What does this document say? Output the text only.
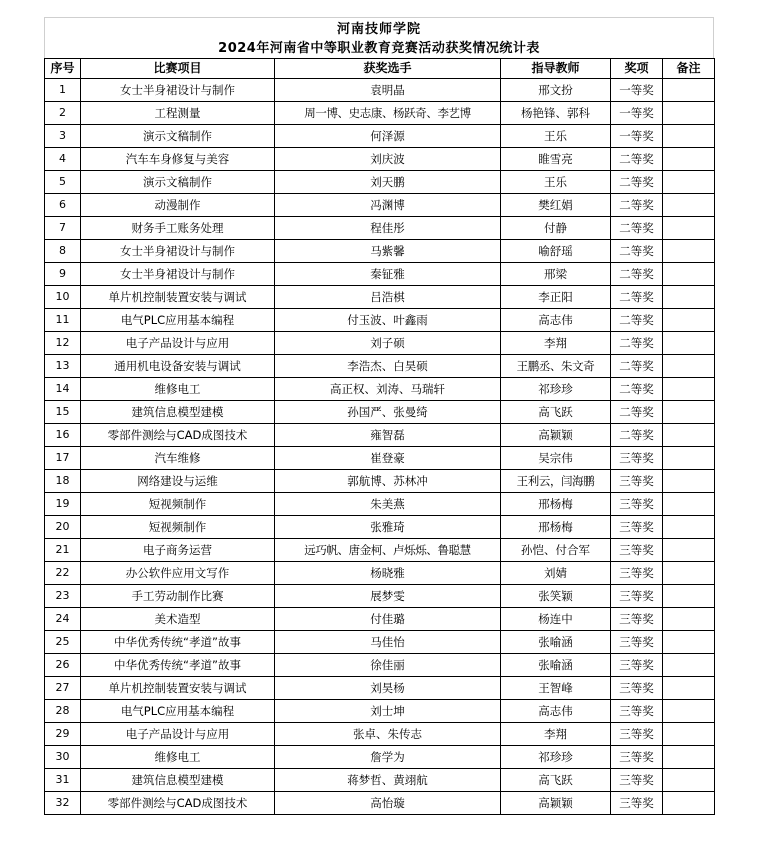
河南技师学院
2024年河南省中等职业教育竞赛活动获奖情况统计表
序号	比赛项目	获奖选手	指导教师	奖项	备注
1	女士半身裙设计与制作	袁明晶	邢文扮	一等奖	
2	工程测量	周一博、史志康、杨跃奇、李艺博	杨艳锋、郭科	一等奖	
3	演示文稿制作	何泽源	王乐	一等奖	
4	汽车车身修复与美容	刘庆波	睢雪亮	二等奖	
5	演示文稿制作	刘天鹏	王乐	二等奖	
6	动漫制作	冯渊博	樊红娟	二等奖	
7	财务手工账务处理	程佳彤	付静	二等奖	
8	女士半身裙设计与制作	马紫馨	喻舒瑶	二等奖	
9	女士半身裙设计与制作	秦钲雅	邢梁	二等奖	
10	单片机控制装置安装与调试	吕浩棋	李正阳	二等奖	
11	电气PLC应用基本编程	付玉波、叶鑫雨	高志伟	二等奖	
12	电子产品设计与应用	刘子硕	李翔	二等奖	
13	通用机电设备安装与调试	李浩杰、白昊硕	王鹏丞、朱文奇	二等奖	
14	维修电工	高正权、刘涛、马瑞轩	祁珍珍	二等奖	
15	建筑信息模型建模	孙国严、张曼绮	高飞跃	二等奖	
16	零部件测绘与CAD成图技术	雍智磊	高颖颖	二等奖	
17	汽车维修	崔登豪	吴宗伟	三等奖	
18	网络建设与运维	郭航博、苏林冲	王利云，闫海鹏	三等奖	
19	短视频制作	朱美燕	邢杨梅	三等奖	
20	短视频制作	张雅琦	邢杨梅	三等奖	
21	电子商务运营	远巧帆、唐金柯、卢烁烁、鲁聪慧	孙恺、付合军	三等奖	
22	办公软件应用文写作	杨晓雅	刘婧	三等奖	
23	手工劳动制作比赛	展梦雯	张笑颖	三等奖	
24	美术造型	付佳璐	杨连中	三等奖	
25	中华优秀传统“孝道”故事	马佳怡	张喻涵	三等奖	
26	中华优秀传统“孝道”故事	徐佳丽	张喻涵	三等奖	
27	单片机控制装置安装与调试	刘昊杨	王智峰	三等奖	
28	电气PLC应用基本编程	刘士坤	高志伟	三等奖	
29	电子产品设计与应用	张卓、朱传志	李翔	三等奖	
30	维修电工	詹学为	祁珍珍	三等奖	
31	建筑信息模型建模	蒋梦哲、黄翊航	高飞跃	三等奖	
32	零部件测绘与CAD成图技术	高怡璇	高颖颖	三等奖	
